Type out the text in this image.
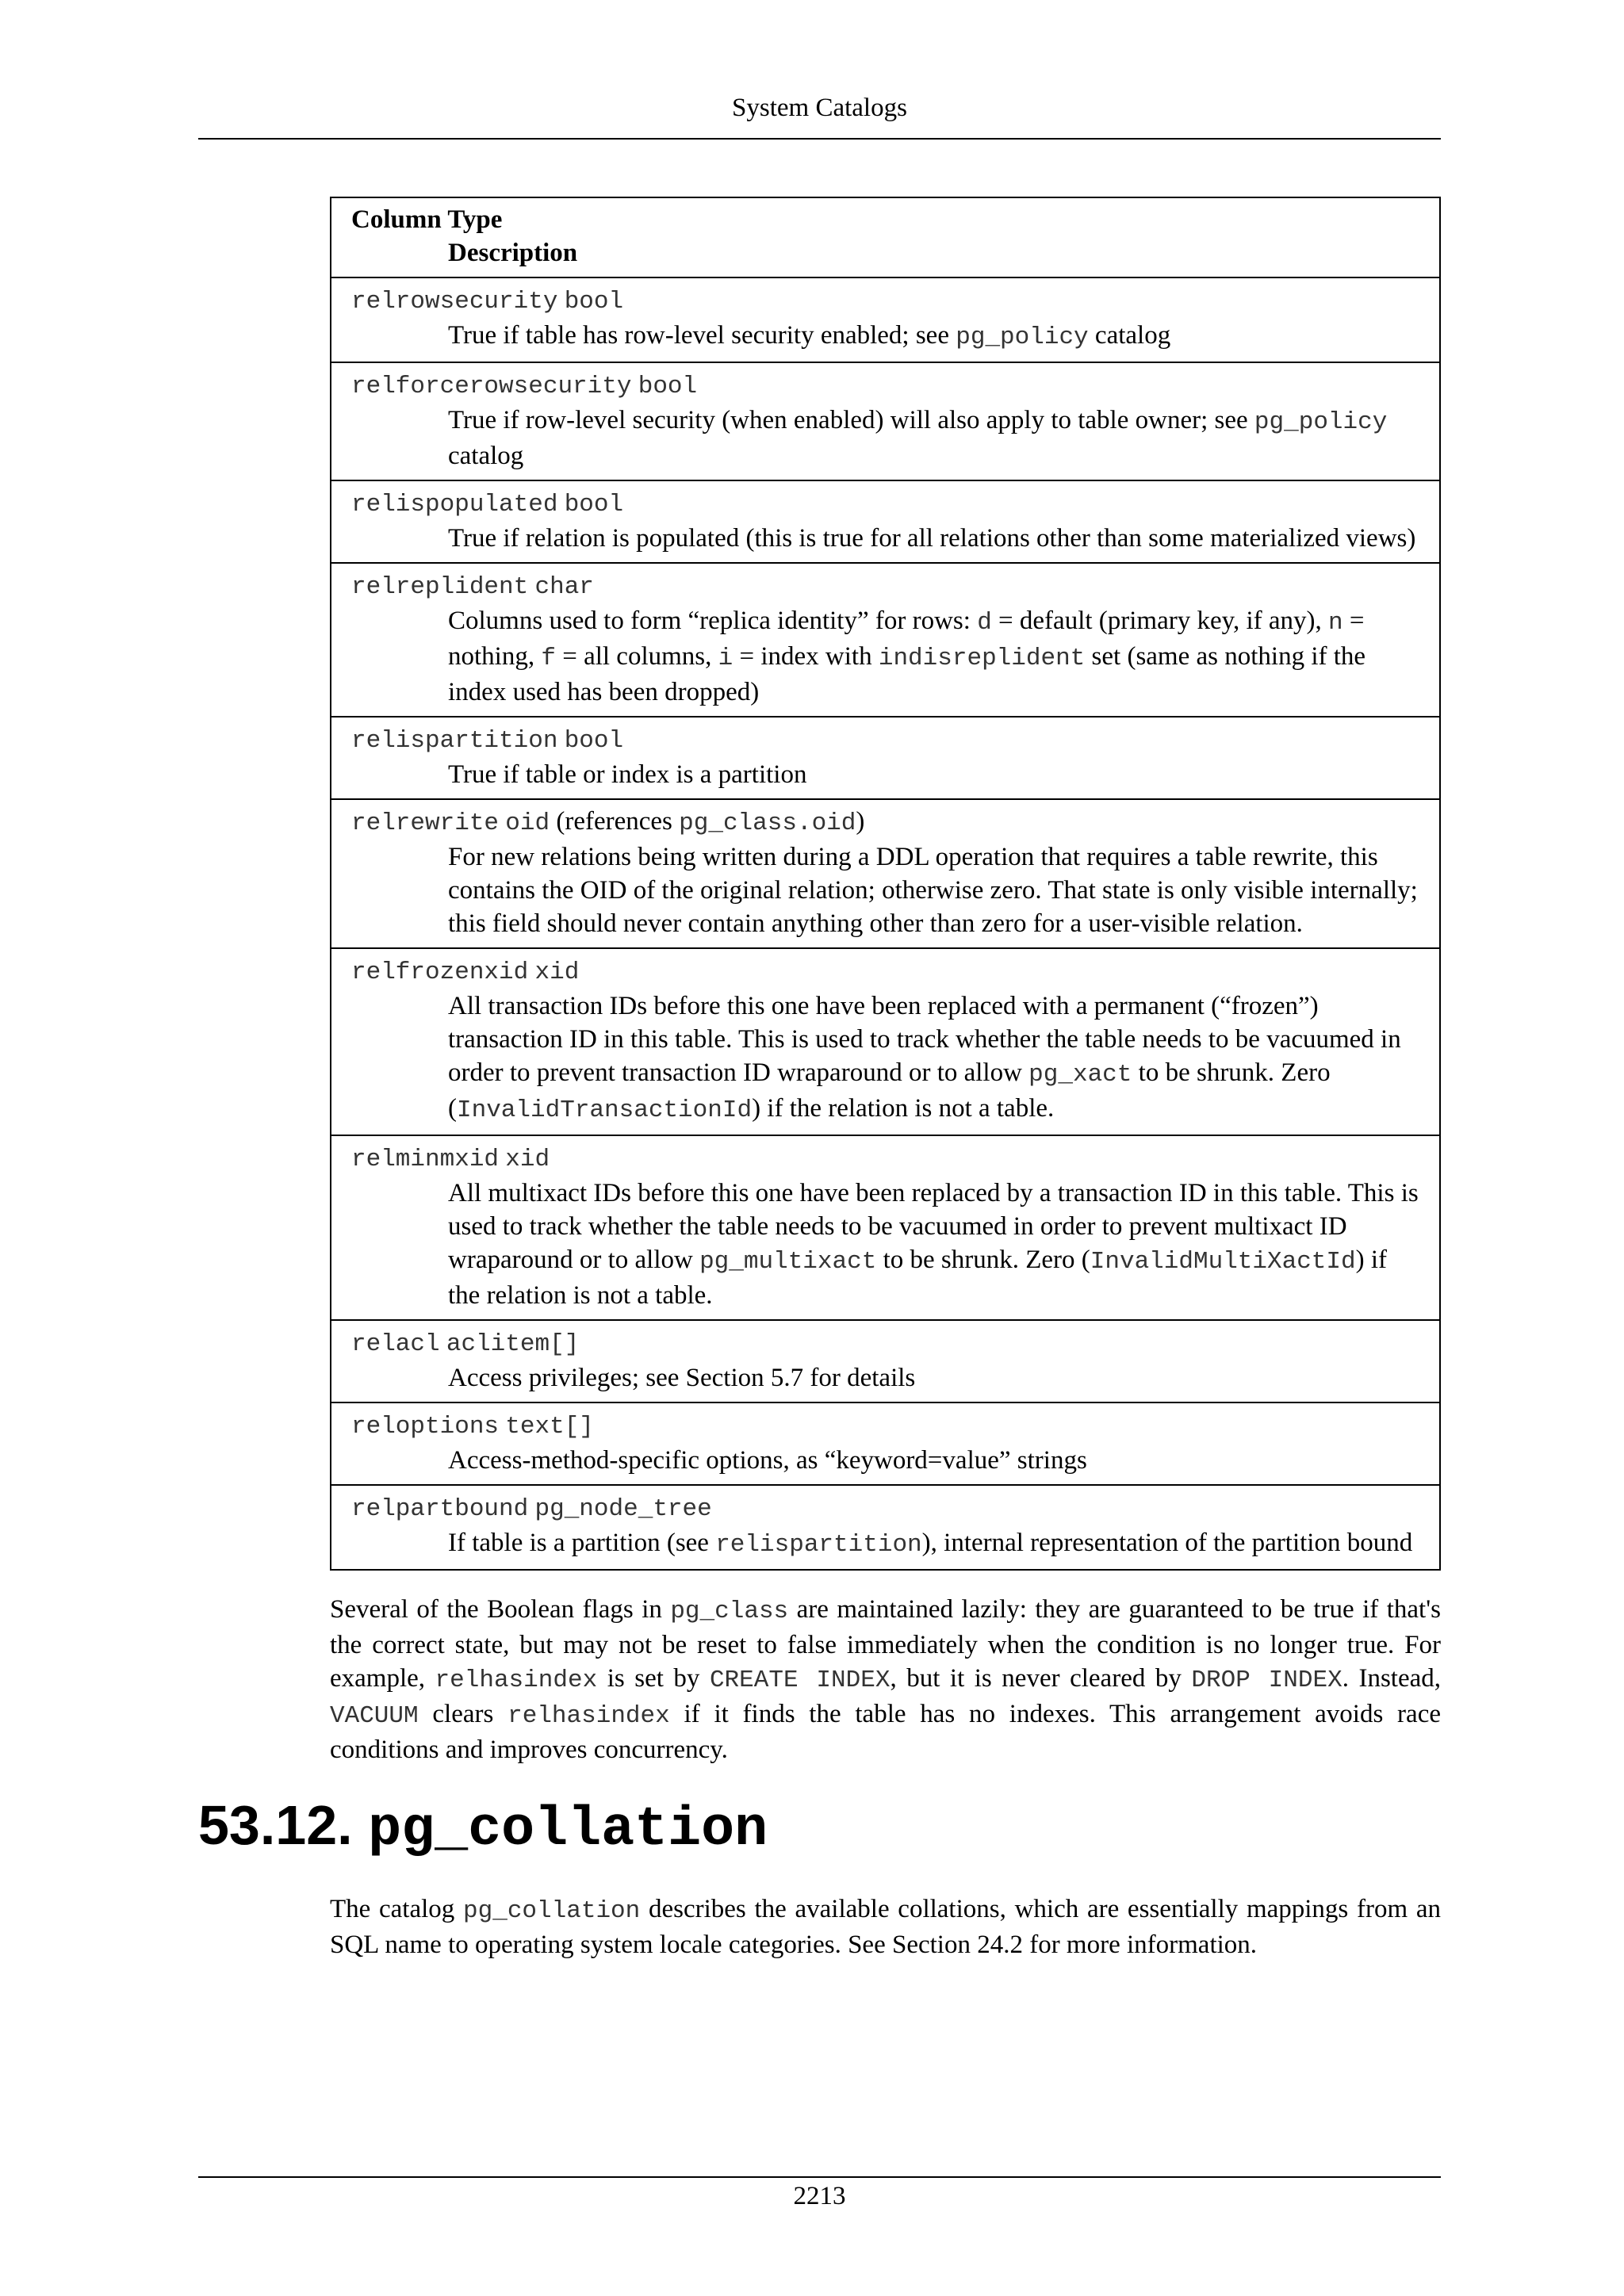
System Catalogs
Column Type
Description

relrowsecurity bool
True if table has row-level security enabled; see pg_policy catalog

relforcerowsecurity bool
True if row-level security (when enabled) will also apply to table owner; see pg_policy catalog

relispopulated bool
True if relation is populated (this is true for all relations other than some materialized views)

relreplident char
Columns used to form “replica identity” for rows: d = default (primary key, if any), n = nothing, f = all columns, i = index with indisreplident set (same as nothing if the index used has been dropped)

relispartition bool
True if table or index is a partition

relrewrite oid (references pg_class.oid)
For new relations being written during a DDL operation that requires a table rewrite, this contains the OID of the original relation; otherwise zero. That state is only visible internally; this field should never contain anything other than zero for a user-visible relation.

relfrozenxid xid
All transaction IDs before this one have been replaced with a permanent (“frozen”) transaction ID in this table. This is used to track whether the table needs to be vacuumed in order to prevent transaction ID wraparound or to allow pg_xact to be shrunk. Zero (InvalidTransactionId) if the relation is not a table.

relminmxid xid
All multixact IDs before this one have been replaced by a transaction ID in this table. This is used to track whether the table needs to be vacuumed in order to prevent multixact ID wraparound or to allow pg_multixact to be shrunk. Zero (InvalidMultiXactId) if the relation is not a table.

relacl aclitem[]
Access privileges; see Section 5.7 for details

reloptions text[]
Access-method-specific options, as “keyword=value” strings

relpartbound pg_node_tree
If table is a partition (see relispartition), internal representation of the partition bound
Several of the Boolean flags in pg_class are maintained lazily: they are guaranteed to be true if that's the correct state, but may not be reset to false immediately when the condition is no longer true. For example, relhasindex is set by CREATE INDEX, but it is never cleared by DROP INDEX. Instead, VACUUM clears relhasindex if it finds the table has no indexes. This arrangement avoids race conditions and improves concurrency.
53.12. pg_collation
The catalog pg_collation describes the available collations, which are essentially mappings from an SQL name to operating system locale categories. See Section 24.2 for more information.
2213
